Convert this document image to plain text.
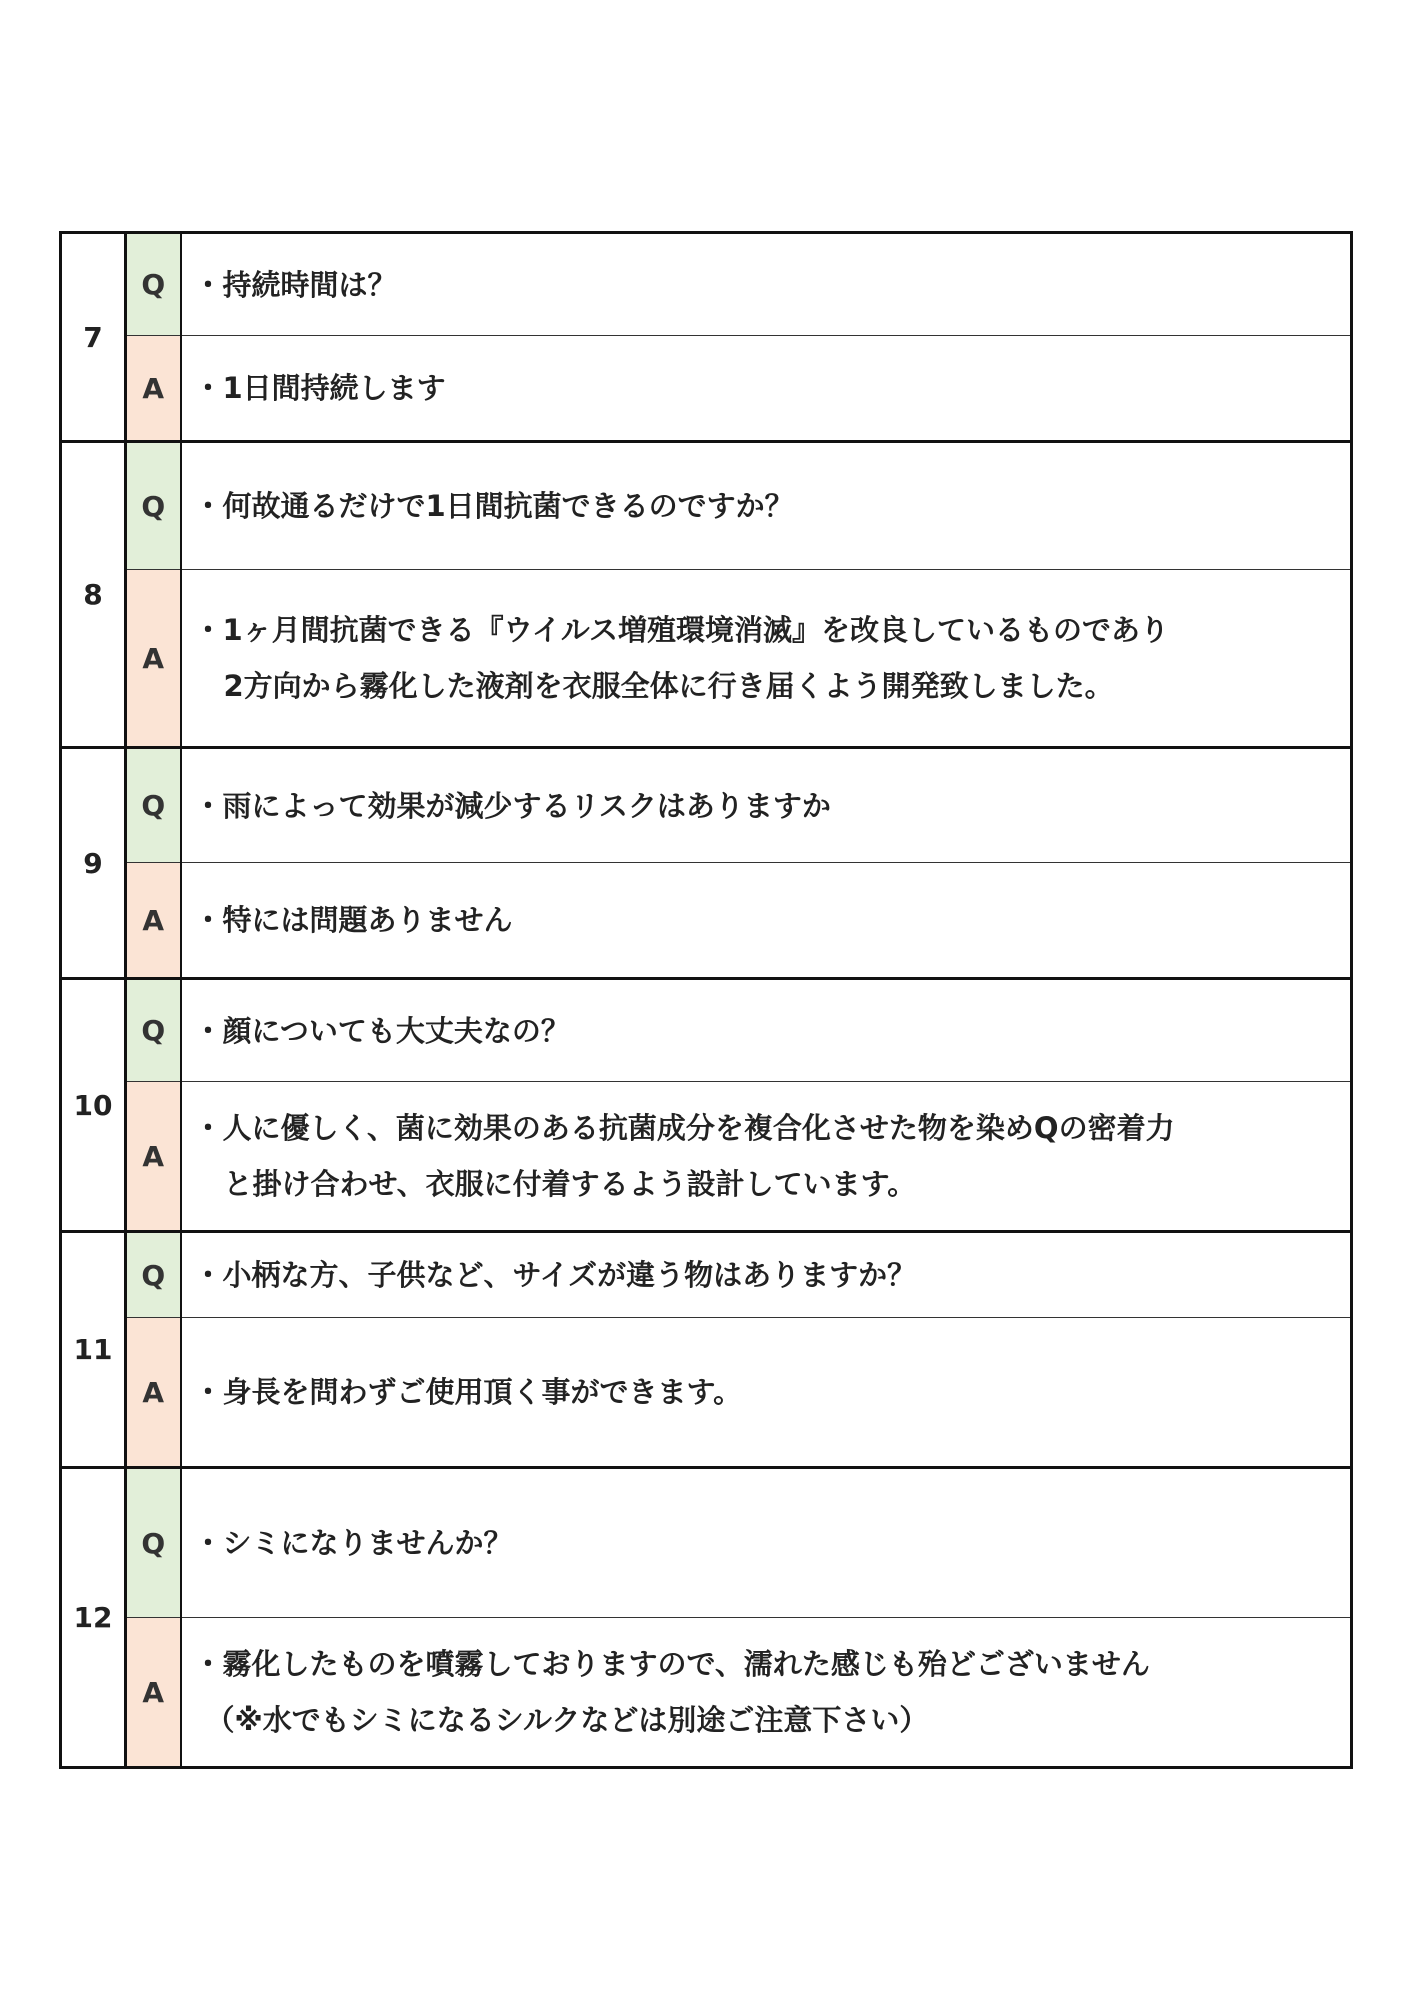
7	Q	・持続時間は？

	A	・1日間持続します

8	Q	・何故通るだけで1日間抗菌できるのですか？

	A	・1ヶ月間抗菌できる『ウイルス増殖環境消滅』を改良しているものであり
2方向から霧化した液剤を衣服全体に行き届くよう開発致しました。

9	Q	・雨によって効果が減少するリスクはありますか

	A	・特には問題ありません

10	Q	・顔についても大丈夫なの？

	A	・人に優しく、菌に効果のある抗菌成分を複合化させた物を染めQの密着力
と掛け合わせ、衣服に付着するよう設計しています。

11	Q	・小柄な方、子供など、サイズが違う物はありますか？

	A	・身長を問わずご使用頂く事ができます。

12	Q	・シミになりませんか？

	A	・霧化したものを噴霧しておりますので、濡れた感じも殆どございません
（※水でもシミになるシルクなどは別途ご注意下さい）
